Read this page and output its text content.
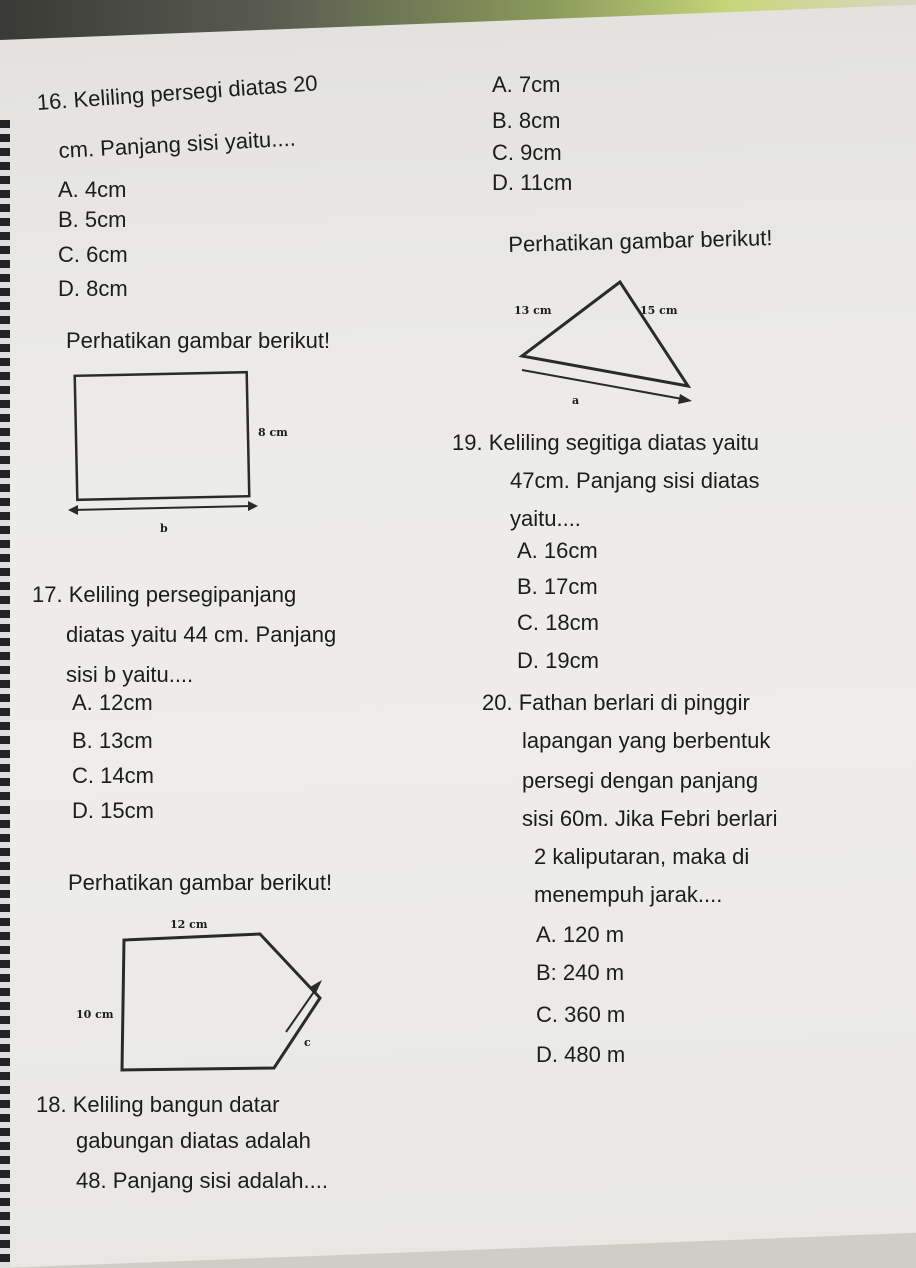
A. 7cm
B. 8cm
C. 9cm
D. 11cm
16. Keliling persegi diatas 20
cm. Panjang sisi yaitu....
A. 4cm
B. 5cm
C. 6cm
D. 8cm
Perhatikan gambar berikut!
Perhatikan gambar berikut!
8 cm
b
13 cm	15 cm
a
19. Keliling segitiga diatas yaitu
47cm. Panjang sisi diatas
yaitu....
A. 16cm
B. 17cm
C. 18cm
D. 19cm
17. Keliling persegipanjang
diatas yaitu 44 cm. Panjang
sisi b yaitu....
A. 12cm
B. 13cm
C. 14cm
D. 15cm
20. Fathan berlari di pinggir
lapangan yang berbentuk
persegi dengan panjang
sisi 60m. Jika Febri berlari
2 kaliputaran, maka di
menempuh jarak....
A. 120 m
B: 240 m
C. 360 m
D. 480 m
Perhatikan gambar berikut!
12 cm
10 cm
c
18. Keliling bangun datar
gabungan diatas adalah
48. Panjang sisi adalah....
